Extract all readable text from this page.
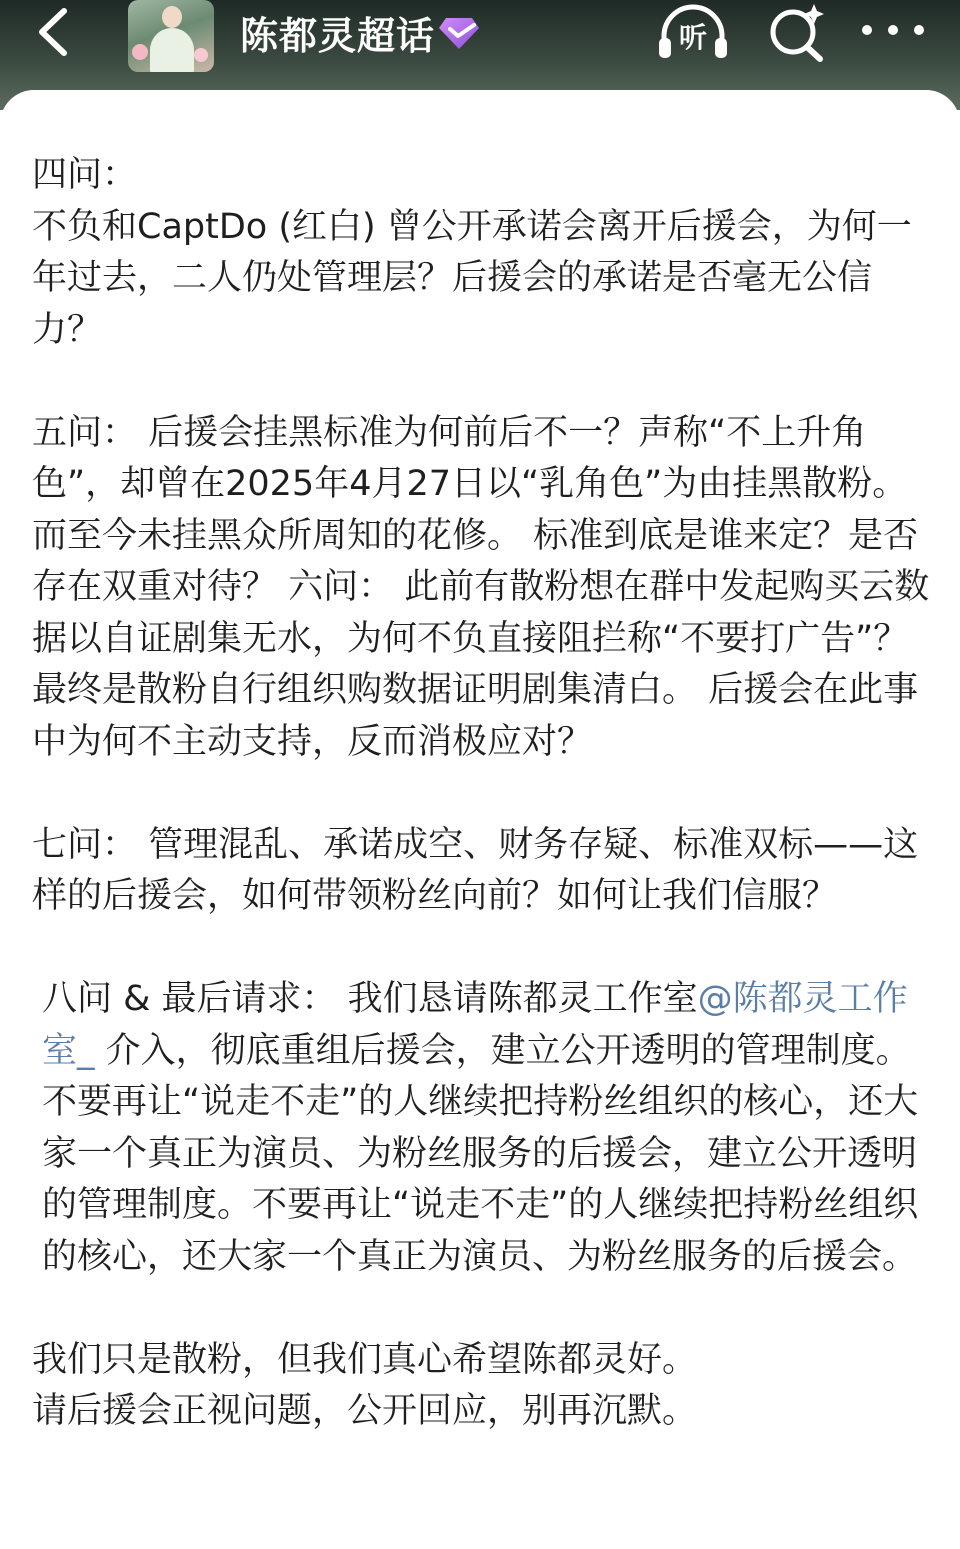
陈都灵超话	听

四问：

不负和CaptDo (红白) 曾公开承诺会离开后援会，为何一年过去，二人仍处管理层？后援会的承诺是否毫无公信力？

五问： 后援会挂黑标准为何前后不一？声称“不上升角色”，却曾在2025年4月27日以“乳角色”为由挂黑散粉。而至今未挂黑众所周知的花修。 标准到底是谁来定？是否存在双重对待？ 六问： 此前有散粉想在群中发起购买云数据以自证剧集无水，为何不负直接阻拦称“不要打广告”？最终是散粉自行组织购数据证明剧集清白。 后援会在此事中为何不主动支持，反而消极应对？

七问： 管理混乱、承诺成空、财务存疑、标准双标——这样的后援会，如何带领粉丝向前？如何让我们信服？

八问 & 最后请求： 我们恳请陈都灵工作室@陈都灵工作室_ 介入，彻底重组后援会，建立公开透明的管理制度。不要再让“说走不走”的人继续把持粉丝组织的核心，还大家一个真正为演员、为粉丝服务的后援会，建立公开透明的管理制度。不要再让“说走不走”的人继续把持粉丝组织的核心，还大家一个真正为演员、为粉丝服务的后援会。

我们只是散粉，但我们真心希望陈都灵好。

请后援会正视问题，公开回应，别再沉默。
